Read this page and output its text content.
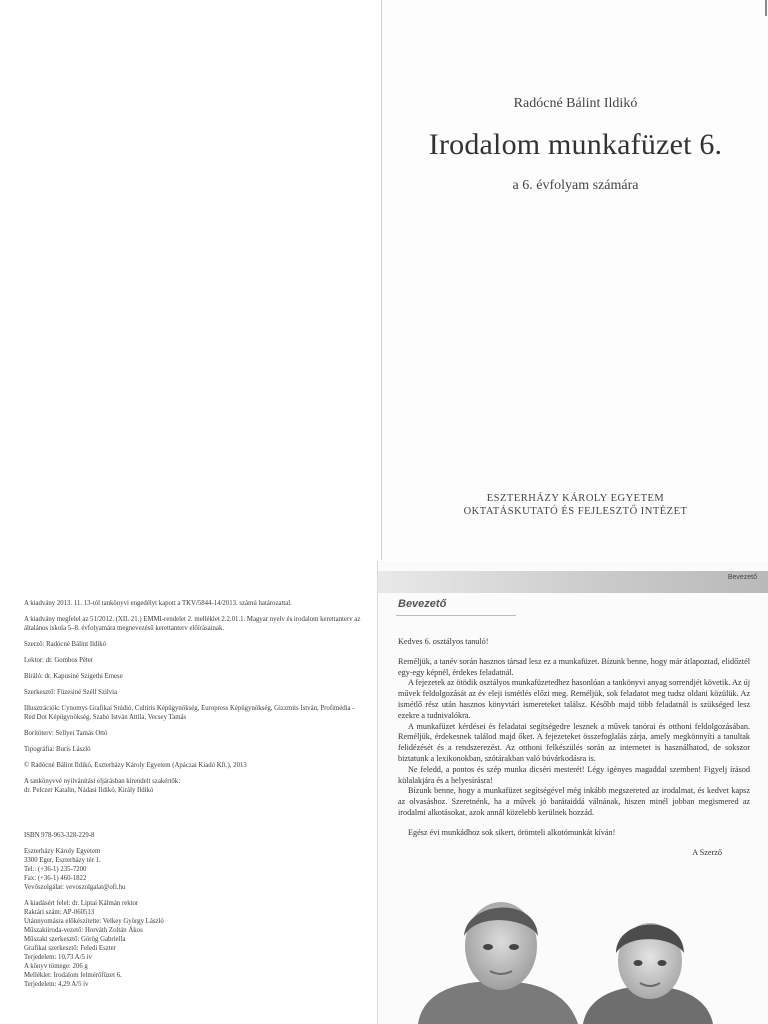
Radócné Bálint Ildikó
Irodalom munkafüzet 6.
a 6. évfolyam számára
ESZTERHÁZY KÁROLY EGYETEM
OKTATÁSKUTATÓ ÉS FEJLESZTŐ INTÉZET

A kiadvány 2013. 11. 13-tól tankönyvi engedélyt kapott a TKV/5844-14/2013. számú határozattal.

A kiadvány megfelel az 51/2012. (XII. 21.) EMMI-rendelet 2. melléklet 2.2.01.1. Magyar nyelv és irodalom kerettanterv az általános iskola 5–8. évfolyamára megnevezésű kerettanterv előírásainak.

Szerző: Radócné Bálint Ildikó

Lektor: dr. Gombos Péter

Bíráló: dr. Kapusiné Szigethi Emese

Szerkesztő: Füzesiné Széll Szilvia

Illusztrációk: Cynomys Grafikai Stúdió, Cultiris Képügynökség, Europress Képügynökség, Gizzmits István, Profimédia - Red Dot Képügynökség, Szabó István Attila, Vecsey Tamás

Borítóterv: Sellyei Tamás Ottó

Tipográfia: Buris László

© Radócné Bálint Ildikó, Eszterházy Károly Egyetem (Apáczai Kiadó Kft.), 2013

A tankönyvvé nyilvánítási eljárásban kirendelt szakértők:

dr. Pelczer Katalin, Nádasi Ildikó, Király Ildikó

ISBN 978-963-328-229-8

Eszterházy Károly Egyetem

3300 Eger, Eszterházy tér 1.

Tel.: (+36-1) 235-7200

Fax: (+36-1) 460-1822

Vevőszolgálat: vevoszolgalat@ofi.hu

A kiadásért felel: dr. Liptai Kálmán rektor

Raktári szám: AP-060513

Utánnyomásra előkészítette: Velkey György László

Műszakiiroda-vezető: Horváth Zoltán Ákos

Műszaki szerkesztő: Görög Gabriella

Grafikai szerkesztő: Feledi Eszter

Terjedelem: 10,73 A/5 ív

A könyv tömege: 206 g

Melléklet: Irodalom felmérőfüzet 6.

Terjedelem: 4,29 A/5 ív

Bevezető
Bevezető

Kedves 6. osztályos tanuló!

Reméljük, a tanév során hasznos társad lesz ez a munkafüzet. Bízunk benne, hogy már átlapoztad, elidőztél egy-egy képnél, érdekes feladatnál.

A fejezetek az ötödik osztályos munkafüzetedhez hasonlóan a tankönyvi anyag sorrendjét követik. Az új művek feldolgozását az év eleji ismétlés előzi meg. Reméljük, sok feladatot meg tudsz oldani közülük. Az ismétlő rész után hasznos könyvtári ismereteket találsz. Később majd több feladatnál is szükséged lesz ezekre a tudnivalókra.

A munkafüzet kérdései és feladatai segítségedre lesznek a művek tanórai és otthoni feldolgozásában. Reméljük, érdekesnek találod majd őket. A fejezeteket összefoglalás zárja, amely megkönnyíti a tanultak felidézését és a rendszerezést. Az otthoni felkészülés során az internetet is használhatod, de sokszor biztatunk a lexikonokban, szótárakban való búvárkodásra is.

Ne feledd, a pontos és szép munka dicséri mesterét! Légy igényes magaddal szemben! Figyelj írásod külalakjára és a helyesírásra!

Bízunk benne, hogy a munkafüzet segítségével még inkább megszereted az irodalmat, és kedvet kapsz az olvasáshoz. Szeretnénk, ha a művek jó barátaiddá válnának, hiszen minél jobban megismered az irodalmi alkotásokat, azok annál közelebb kerülnek hozzád.

Egész évi munkádhoz sok sikert, örömteli alkotómunkát kíván!

A Szerző
